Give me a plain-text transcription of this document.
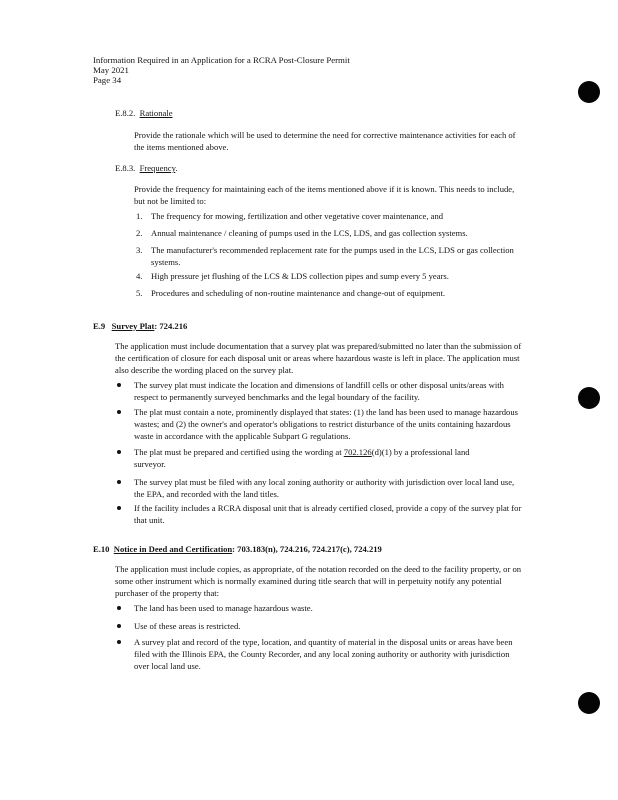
Information Required in an Application for a RCRA Post-Closure Permit
May 2021
Page 34
E.8.2. Rationale
Provide the rationale which will be used to determine the need for corrective maintenance activities for each of the items mentioned above.
E.8.3. Frequency.
Provide the frequency for maintaining each of the items mentioned above if it is known. This needs to include, but not be limited to:
1. The frequency for mowing, fertilization and other vegetative cover maintenance, and
2. Annual maintenance / cleaning of pumps used in the LCS, LDS, and gas collection systems.
3. The manufacturer's recommended replacement rate for the pumps used in the LCS, LDS or gas collection systems.
4. High pressure jet flushing of the LCS & LDS collection pipes and sump every 5 years.
5. Procedures and scheduling of non-routine maintenance and change-out of equipment.
E.9 Survey Plat: 724.216
The application must include documentation that a survey plat was prepared/submitted no later than the submission of the certification of closure for each disposal unit or areas where hazardous waste is left in place. The application must also describe the wording placed on the survey plat.
The survey plat must indicate the location and dimensions of landfill cells or other disposal units/areas with respect to permanently surveyed benchmarks and the legal boundary of the facility.
The plat must contain a note, prominently displayed that states: (1) the land has been used to manage hazardous wastes; and (2) the owner's and operator's obligations to restrict disturbance of the units containing hazardous waste in accordance with the applicable Subpart G regulations.
The plat must be prepared and certified using the wording at 702.126(d)(1) by a professional land surveyor.
The survey plat must be filed with any local zoning authority or authority with jurisdiction over local land use, the EPA, and recorded with the land titles.
If the facility includes a RCRA disposal unit that is already certified closed, provide a copy of the survey plat for that unit.
E.10 Notice in Deed and Certification: 703.183(n), 724.216, 724.217(c), 724.219
The application must include copies, as appropriate, of the notation recorded on the deed to the facility property, or on some other instrument which is normally examined during title search that will in perpetuity notify any potential purchaser of the property that:
The land has been used to manage hazardous waste.
Use of these areas is restricted.
A survey plat and record of the type, location, and quantity of material in the disposal units or areas have been filed with the Illinois EPA, the County Recorder, and any local zoning authority or authority with jurisdiction over local land use.
